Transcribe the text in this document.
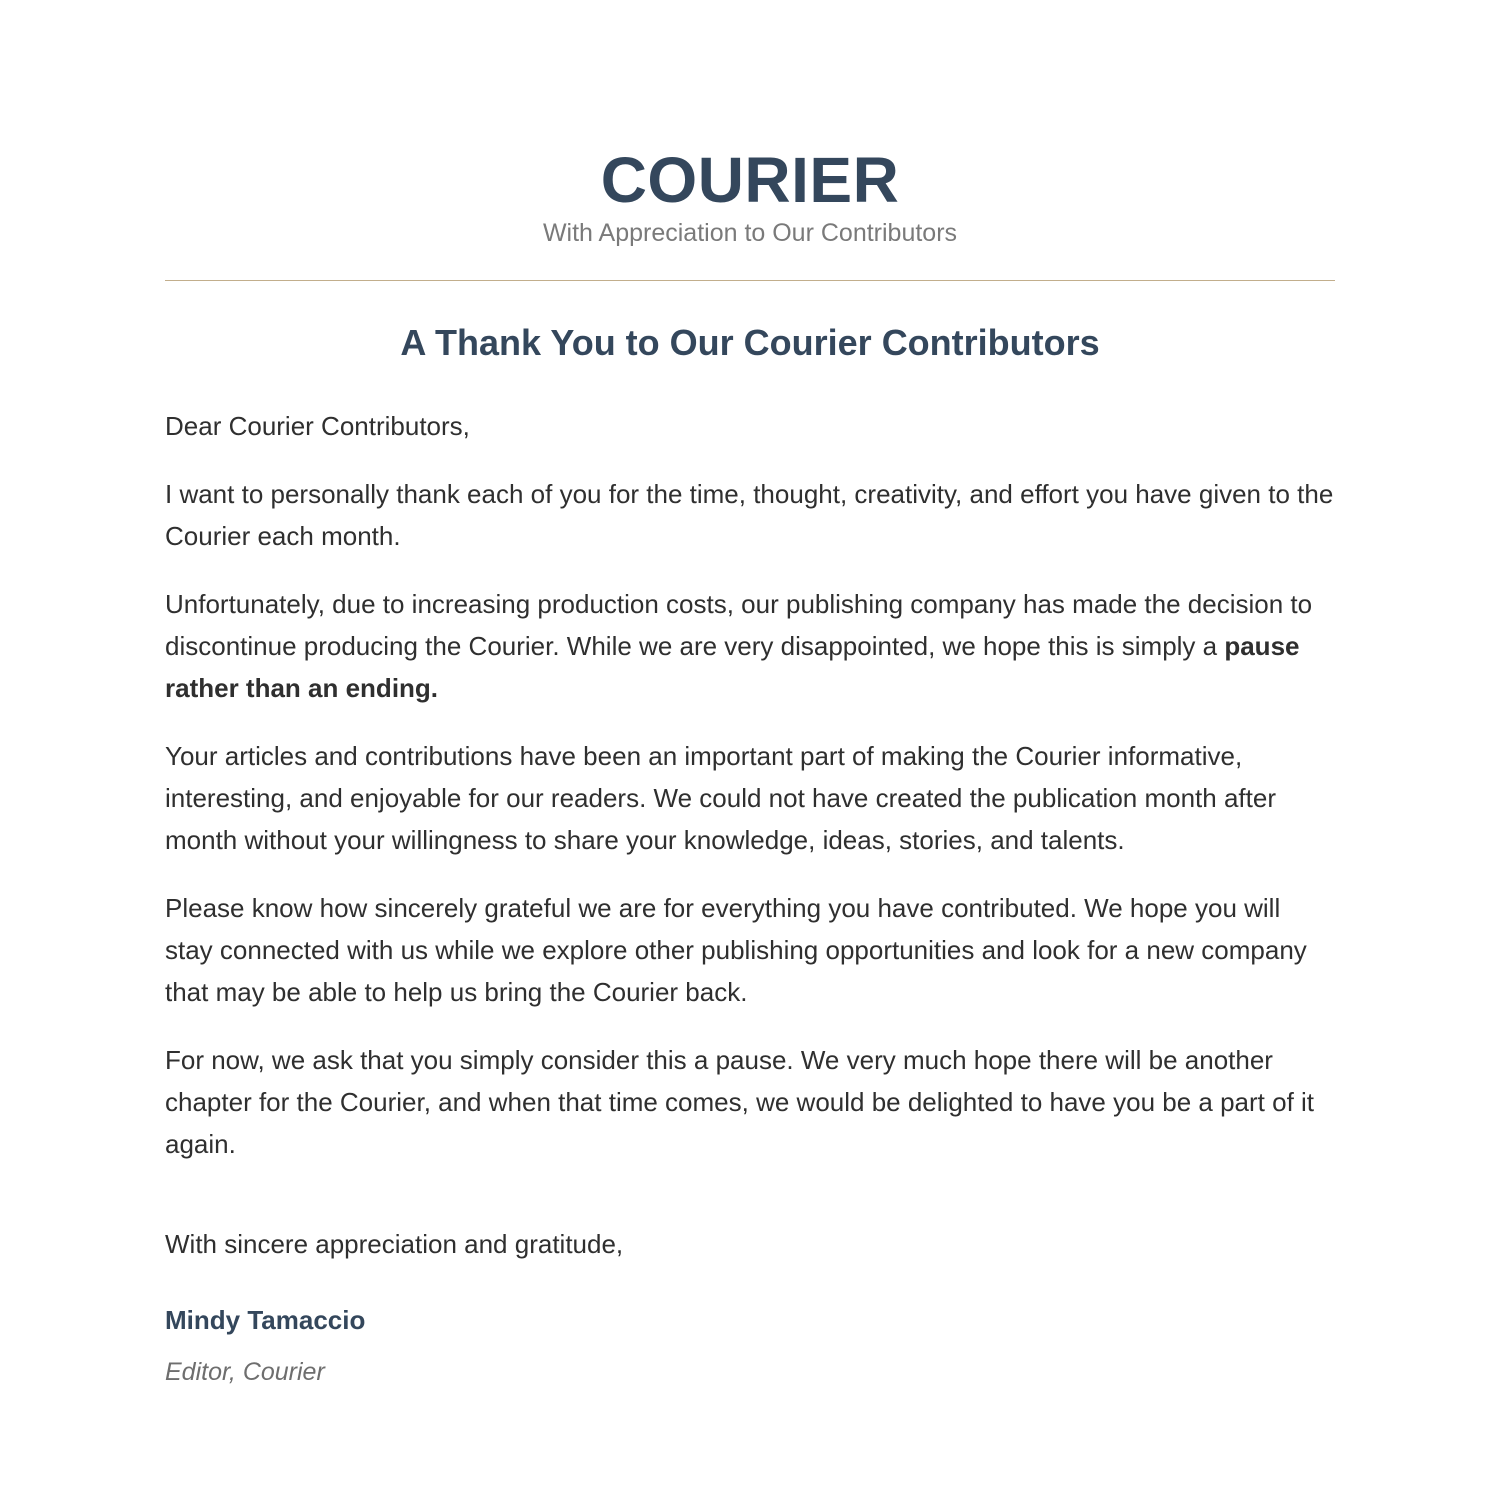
COURIER
With Appreciation to Our Contributors
A Thank You to Our Courier Contributors

Dear Courier Contributors,

I want to personally thank each of you for the time, thought, creativity, and effort you have given to the Courier each month.

Unfortunately, due to increasing production costs, our publishing company has made the decision to discontinue producing the Courier. While we are very disappointed, we hope this is simply a pause rather than an ending.

Your articles and contributions have been an important part of making the Courier informative, interesting, and enjoyable for our readers. We could not have created the publication month after month without your willingness to share your knowledge, ideas, stories, and talents.

Please know how sincerely grateful we are for everything you have contributed. We hope you will stay connected with us while we explore other publishing opportunities and look for a new company that may be able to help us bring the Courier back.

For now, we ask that you simply consider this a pause. We very much hope there will be another chapter for the Courier, and when that time comes, we would be delighted to have you be a part of it again.

With sincere appreciation and gratitude,
Mindy Tamaccio
Editor, Courier
